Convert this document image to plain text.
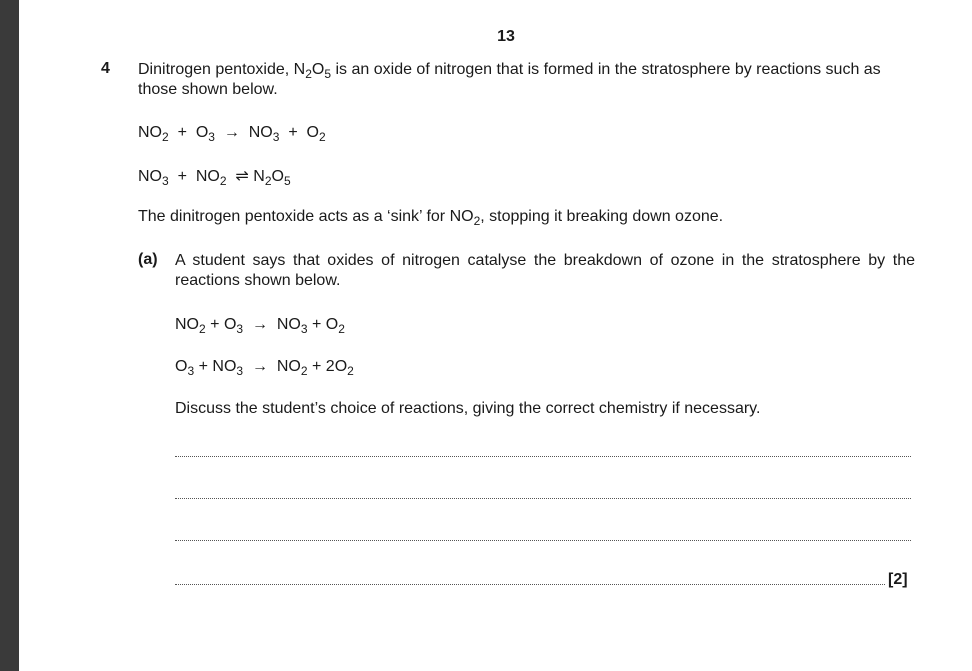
13
4 Dinitrogen pentoxide, $N_2O_5$ is an oxide of nitrogen that is formed in the stratosphere by reactions such as those shown below.
$NO_2 + O_3 \to NO_3 + O_2$
$NO_3 + NO_2$ ⇌ $N_2O_5$
The dinitrogen pentoxide acts as a ‘sink’ for $NO_2$, stopping it breaking down ozone.
(a) A student says that oxides of nitrogen catalyse the breakdown of ozone in the stratosphere by the reactions shown below.
$NO_2 + O_3 \to NO_3 + O_2$
$O_3 + NO_3 \to NO_2 + 2O_2$
Discuss the student’s choice of reactions, giving the correct chemistry if necessary.
[2]
